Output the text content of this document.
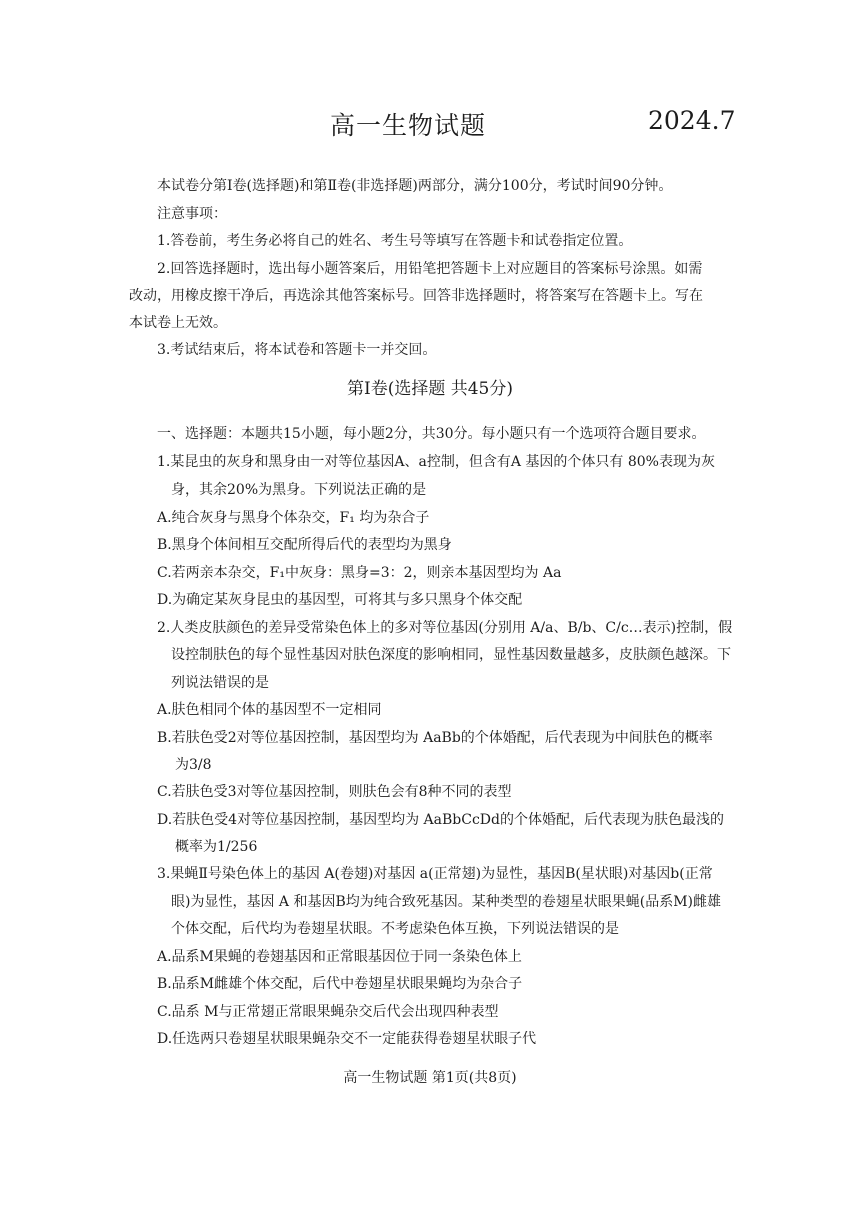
高一生物试题	2024.7
本试卷分第Ⅰ卷(选择题)和第Ⅱ卷(非选择题)两部分，满分100分，考试时间90分钟。
注意事项：
1.答卷前，考生务必将自己的姓名、考生号等填写在答题卡和试卷指定位置。
2.回答选择题时，选出每小题答案后，用铅笔把答题卡上对应题目的答案标号涂黑。如需
改动，用橡皮擦干净后，再选涂其他答案标号。回答非选择题时，将答案写在答题卡上。写在
本试卷上无效。
3.考试结束后，将本试卷和答题卡一并交回。
第Ⅰ卷(选择题 共45分)
一、选择题：本题共15小题，每小题2分，共30分。每小题只有一个选项符合题目要求。
1.某昆虫的灰身和黑身由一对等位基因A、a控制，但含有A 基因的个体只有 80%表现为灰
身，其余20%为黑身。下列说法正确的是
A.纯合灰身与黑身个体杂交，F₁ 均为杂合子
B.黑身个体间相互交配所得后代的表型均为黑身
C.若两亲本杂交，F₁中灰身：黑身=3：2，则亲本基因型均为 Aa
D.为确定某灰身昆虫的基因型，可将其与多只黑身个体交配
2.人类皮肤颜色的差异受常染色体上的多对等位基因(分别用 A/a、B/b、C/c…表示)控制，假
设控制肤色的每个显性基因对肤色深度的影响相同，显性基因数量越多，皮肤颜色越深。下
列说法错误的是
A.肤色相同个体的基因型不一定相同
B.若肤色受2对等位基因控制，基因型均为 AaBb的个体婚配，后代表现为中间肤色的概率
为3/8
C.若肤色受3对等位基因控制，则肤色会有8种不同的表型
D.若肤色受4对等位基因控制，基因型均为 AaBbCcDd的个体婚配，后代表现为肤色最浅的
概率为1/256
3.果蝇Ⅱ号染色体上的基因 A(卷翅)对基因 a(正常翅)为显性，基因B(星状眼)对基因b(正常
眼)为显性，基因 A 和基因B均为纯合致死基因。某种类型的卷翅星状眼果蝇(品系M)雌雄
个体交配，后代均为卷翅星状眼。不考虑染色体互换，下列说法错误的是
A.品系M果蝇的卷翅基因和正常眼基因位于同一条染色体上
B.品系M雌雄个体交配，后代中卷翅星状眼果蝇均为杂合子
C.品系 M与正常翅正常眼果蝇杂交后代会出现四种表型
D.任选两只卷翅星状眼果蝇杂交不一定能获得卷翅星状眼子代
高一生物试题 第1页(共8页)
